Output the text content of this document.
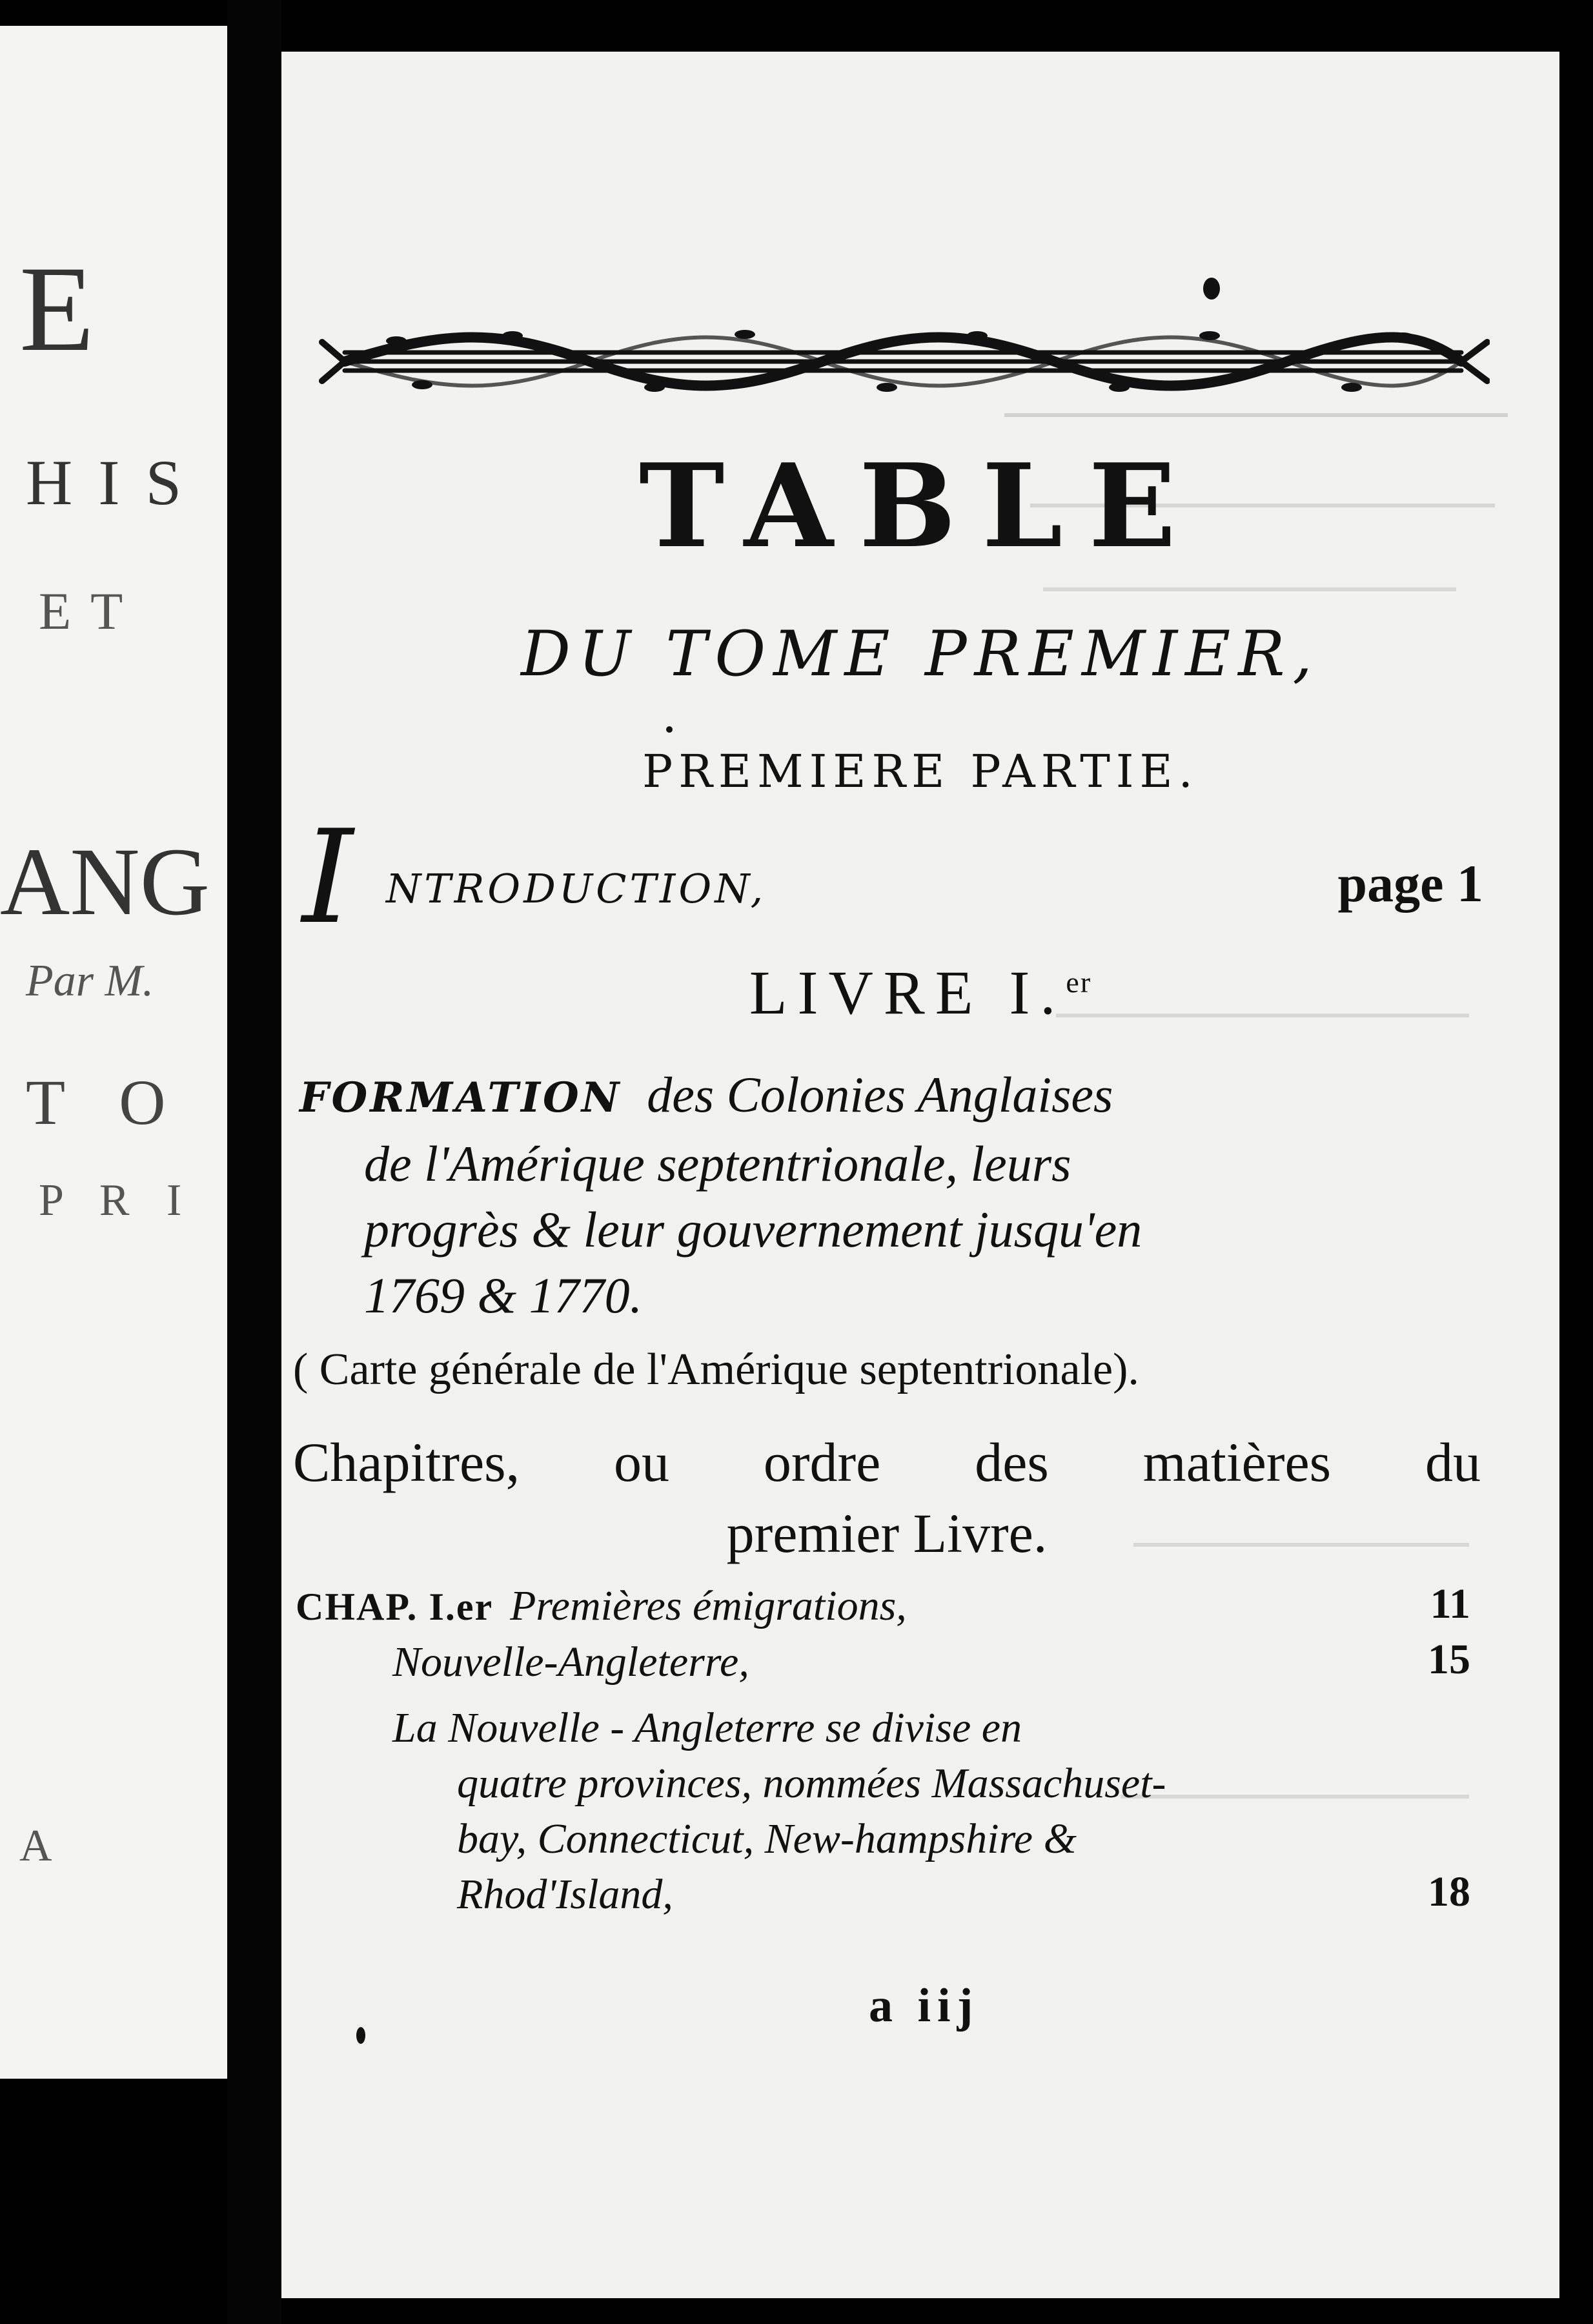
E
HIS
ET
ANG
Par M.
T O
P R I
A
TABLE
DU TOME PREMIER,
PREMIERE PARTIE.
I NTRODUCTION,	page 1
LIVRE I.$^{er}$
FORMATION des Colonies Anglaises
de l'Amérique septentrionale, leurs
progrès & leur gouvernement jusqu'en
1769 & 1770.
( Carte générale de l'Amérique septentrionale).
Chapitres, ou ordre des matières du
premier Livre.
CHAP. I.er Premières émigrations,	11
Nouvelle-Angleterre,	15
La Nouvelle - Angleterre se divise en
quatre provinces, nommées Massachuset-
bay, Connecticut, New-hampshire &
Rhod'Island,	18
a iij
